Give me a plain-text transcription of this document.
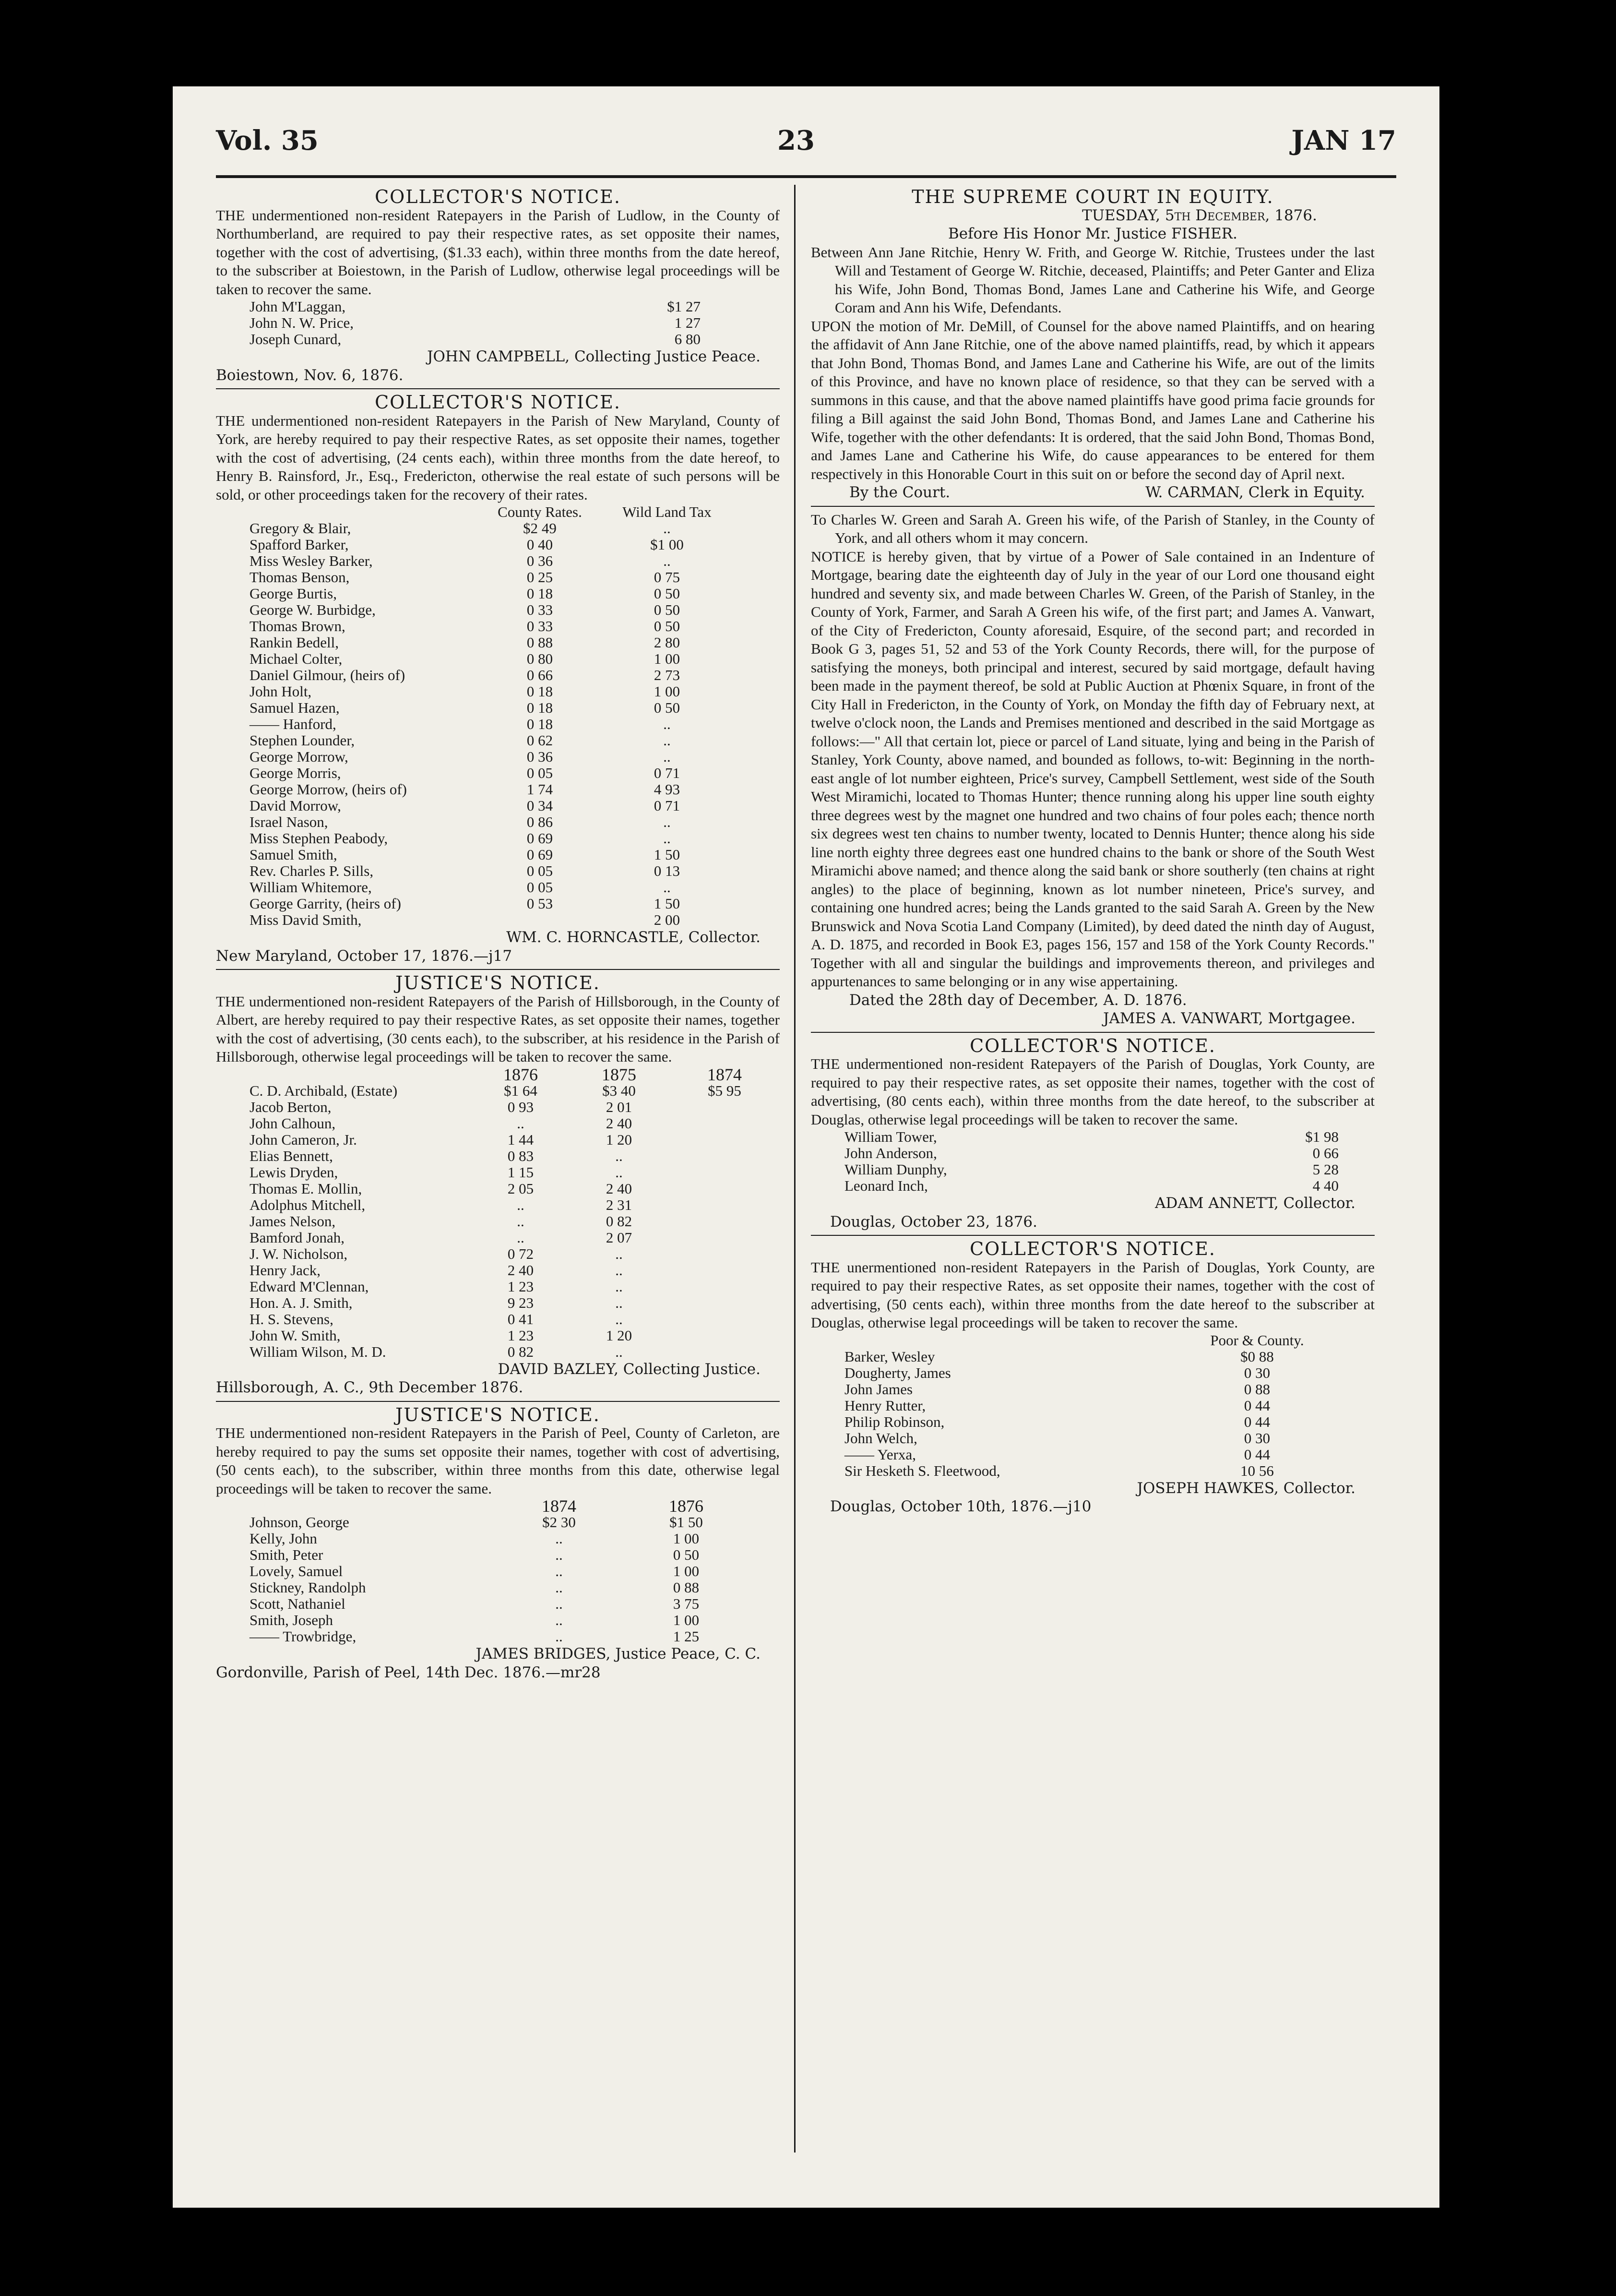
Vol. 35	23	JAN 17
COLLECTOR'S NOTICE.

THE undermentioned non-resident Ratepayers in the Parish of Ludlow, in the County of Northumberland, are required to pay their respective rates, as set opposite their names, together with the cost of advertising, ($1.33 each), within three months from the date hereof, to the subscriber at Boiestown, in the Parish of Ludlow, otherwise legal proceedings will be taken to recover the same.

John M'Laggan,	$1 27
John N. W. Price,	1 27
Joseph Cunard,	6 80
JOHN CAMPBELL, Collecting Justice Peace.
Boiestown, Nov. 6, 1876.
COLLECTOR'S NOTICE.

THE undermentioned non-resident Ratepayers in the Parish of New Maryland, County of York, are hereby required to pay their respective Rates, as set opposite their names, together with the cost of advertising, (24 cents each), within three months from the date hereof, to Henry B. Rainsford, Jr., Esq., Fredericton, otherwise the real estate of such persons will be sold, or other proceedings taken for the recovery of their rates.

	County Rates.	Wild Land Tax
Gregory & Blair,	$2 49	..
Spafford Barker,	0 40	$1 00
Miss Wesley Barker,	0 36	..
Thomas Benson,	0 25	0 75
George Burtis,	0 18	0 50
George W. Burbidge,	0 33	0 50
Thomas Brown,	0 33	0 50
Rankin Bedell,	0 88	2 80
Michael Colter,	0 80	1 00
Daniel Gilmour, (heirs of)	0 66	2 73
John Holt,	0 18	1 00
Samuel Hazen,	0 18	0 50
—— Hanford,	0 18	..
Stephen Lounder,	0 62	..
George Morrow,	0 36	..
George Morris,	0 05	0 71
George Morrow, (heirs of)	1 74	4 93
David Morrow,	0 34	0 71
Israel Nason,	0 86	..
Miss Stephen Peabody,	0 69	..
Samuel Smith,	0 69	1 50
Rev. Charles P. Sills,	0 05	0 13
William Whitemore,	0 05	..
George Garrity, (heirs of)	0 53	1 50
Miss David Smith,		2 00
WM. C. HORNCASTLE, Collector.
New Maryland, October 17, 1876.—j17
JUSTICE'S NOTICE.

THE undermentioned non-resident Ratepayers of the Parish of Hillsborough, in the County of Albert, are hereby required to pay their respective Rates, as set opposite their names, together with the cost of advertising, (30 cents each), to the subscriber, at his residence in the Parish of Hillsborough, otherwise legal proceedings will be taken to recover the same.

	1876	1875	1874
C. D. Archibald, (Estate)	$1 64	$3 40	$5 95
Jacob Berton,	0 93	2 01	
John Calhoun,	..	2 40	
John Cameron, Jr.	1 44	1 20	
Elias Bennett,	0 83	..	
Lewis Dryden,	1 15	..	
Thomas E. Mollin,	2 05	2 40	
Adolphus Mitchell,	..	2 31	
James Nelson,	..	0 82	
Bamford Jonah,	..	2 07	
J. W. Nicholson,	0 72	..	
Henry Jack,	2 40	..	
Edward M'Clennan,	1 23	..	
Hon. A. J. Smith,	9 23	..	
H. S. Stevens,	0 41	..	
John W. Smith,	1 23	1 20	
William Wilson, M. D.	0 82	..	
DAVID BAZLEY, Collecting Justice.
Hillsborough, A. C., 9th December 1876.
JUSTICE'S NOTICE.

THE undermentioned non-resident Ratepayers in the Parish of Peel, County of Carleton, are hereby required to pay the sums set opposite their names, together with cost of advertising, (50 cents each), to the subscriber, within three months from this date, otherwise legal proceedings will be taken to recover the same.

	1874	1876
Johnson, George	$2 30	$1 50
Kelly, John	..	1 00
Smith, Peter	..	0 50
Lovely, Samuel	..	1 00
Stickney, Randolph	..	0 88
Scott, Nathaniel	..	3 75
Smith, Joseph	..	1 00
—— Trowbridge,	..	1 25
JAMES BRIDGES, Justice Peace, C. C.
Gordonville, Parish of Peel, 14th Dec. 1876.—mr28
THE SUPREME COURT IN EQUITY.
TUESDAY, 5th December, 1876.
Before His Honor Mr. Justice FISHER.

Between Ann Jane Ritchie, Henry W. Frith, and George W. Ritchie, Trustees under the last Will and Testament of George W. Ritchie, deceased, Plaintiffs; and Peter Ganter and Eliza his Wife, John Bond, Thomas Bond, James Lane and Catherine his Wife, and George Coram and Ann his Wife, Defendants.

UPON the motion of Mr. DeMill, of Counsel for the above named Plaintiffs, and on hearing the affidavit of Ann Jane Ritchie, one of the above named plaintiffs, read, by which it appears that John Bond, Thomas Bond, and James Lane and Catherine his Wife, are out of the limits of this Province, and have no known place of residence, so that they can be served with a summons in this cause, and that the above named plaintiffs have good prima facie grounds for filing a Bill against the said John Bond, Thomas Bond, and James Lane and Catherine his Wife, together with the other defendants: It is ordered, that the said John Bond, Thomas Bond, and James Lane and Catherine his Wife, do cause appearances to be entered for them respectively in this Honorable Court in this suit on or before the second day of April next.

By the Court.	W. CARMAN, Clerk in Equity.

To Charles W. Green and Sarah A. Green his wife, of the Parish of Stanley, in the County of York, and all others whom it may concern.

NOTICE is hereby given, that by virtue of a Power of Sale contained in an Indenture of Mortgage, bearing date the eighteenth day of July in the year of our Lord one thousand eight hundred and seventy six, and made between Charles W. Green, of the Parish of Stanley, in the County of York, Farmer, and Sarah A Green his wife, of the first part; and James A. Vanwart, of the City of Fredericton, County aforesaid, Esquire, of the second part; and recorded in Book G 3, pages 51, 52 and 53 of the York County Records, there will, for the purpose of satisfying the moneys, both principal and interest, secured by said mortgage, default having been made in the payment thereof, be sold at Public Auction at Phœnix Square, in front of the City Hall in Fredericton, in the County of York, on Monday the fifth day of February next, at twelve o'clock noon, the Lands and Premises mentioned and described in the said Mortgage as follows:—" All that certain lot, piece or parcel of Land situate, lying and being in the Parish of Stanley, York County, above named, and bounded as follows, to-wit: Beginning in the north-east angle of lot number eighteen, Price's survey, Campbell Settlement, west side of the South West Miramichi, located to Thomas Hunter; thence running along his upper line south eighty three degrees west by the magnet one hundred and two chains of four poles each; thence north six degrees west ten chains to number twenty, located to Dennis Hunter; thence along his side line north eighty three degrees east one hundred chains to the bank or shore of the South West Miramichi above named; and thence along the said bank or shore southerly (ten chains at right angles) to the place of beginning, known as lot number nineteen, Price's survey, and containing one hundred acres; being the Lands granted to the said Sarah A. Green by the New Brunswick and Nova Scotia Land Company (Limited), by deed dated the ninth day of August, A. D. 1875, and recorded in Book E3, pages 156, 157 and 158 of the York County Records." Together with all and singular the buildings and improvements thereon, and privileges and appurtenances to same belonging or in any wise appertaining.

Dated the 28th day of December, A. D. 1876.
JAMES A. VANWART, Mortgagee.
COLLECTOR'S NOTICE.

THE undermentioned non-resident Ratepayers of the Parish of Douglas, York County, are required to pay their respective rates, as set opposite their names, together with the cost of advertising, (80 cents each), within three months from the date hereof, to the subscriber at Douglas, otherwise legal proceedings will be taken to recover the same.

William Tower,	$1 98
John Anderson,	0 66
William Dunphy,	5 28
Leonard Inch,	4 40
ADAM ANNETT, Collector.
Douglas, October 23, 1876.
COLLECTOR'S NOTICE.

THE unermentioned non-resident Ratepayers in the Parish of Douglas, York County, are required to pay their respective Rates, as set opposite their names, together with the cost of advertising, (50 cents each), within three months from the date hereof to the subscriber at Douglas, otherwise legal proceedings will be taken to recover the same.

	Poor & County.
Barker, Wesley	$0 88
Dougherty, James	0 30
John James	0 88
Henry Rutter,	0 44
Philip Robinson,	0 44
John Welch,	0 30
—— Yerxa,	0 44
Sir Hesketh S. Fleetwood,	10 56
JOSEPH HAWKES, Collector.
Douglas, October 10th, 1876.—j10
